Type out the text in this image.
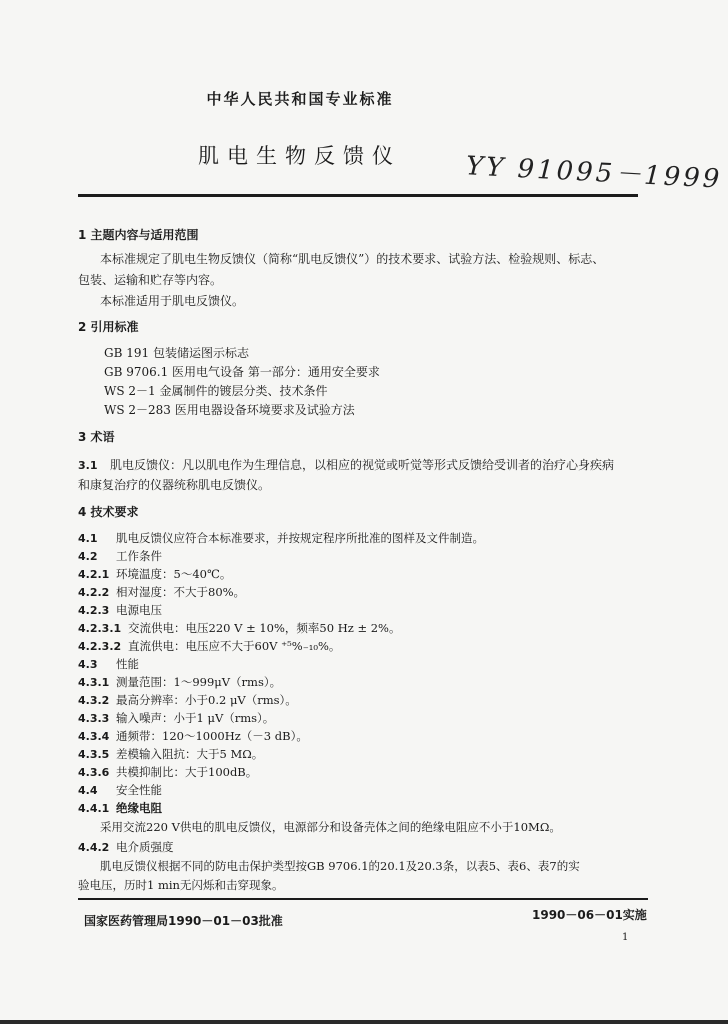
中华人民共和国专业标准
肌电生物反馈仪 YY 91095－1999
1 主题内容与适用范围
本标准规定了肌电生物反馈仪（简称“肌电反馈仪”）的技术要求、试验方法、检验规则、标志、
包装、运输和贮存等内容。
本标准适用于肌电反馈仪。
2 引用标准
GB 191 包装储运图示标志
GB 9706.1 医用电气设备 第一部分：通用安全要求
WS 2－1 金属制件的镀层分类、技术条件
WS 2－283 医用电器设备环境要求及试验方法
3 术语
3.1 肌电反馈仪：凡以肌电作为生理信息，以相应的视觉或听觉等形式反馈给受训者的治疗心身疾病
和康复治疗的仪器统称肌电反馈仪。
4 技术要求
4.1 肌电反馈仪应符合本标准要求，并按规定程序所批准的图样及文件制造。
4.2 工作条件
4.2.1 环境温度：5～40℃。
4.2.2 相对湿度：不大于80%。
4.2.3 电源电压
4.2.3.1 交流供电：电压220 V ± 10%，频率50 Hz ± 2%。
4.2.3.2 直流供电：电压应不大于60V ⁺⁵%₋₁₀%。
4.3 性能
4.3.1 测量范围：1～999μV（rms）。
4.3.2 最高分辨率：小于0.2 μV（rms）。
4.3.3 输入噪声：小于1 μV（rms）。
4.3.4 通频带：120～1000Hz（－3 dB）。
4.3.5 差模输入阻抗：大于5 MΩ。
4.3.6 共模抑制比：大于100dB。
4.4 安全性能
4.4.1 绝缘电阻
采用交流220 V供电的肌电反馈仪，电源部分和设备壳体之间的绝缘电阻应不小于10MΩ。
4.4.2 电介质强度
肌电反馈仪根据不同的防电击保护类型按GB 9706.1的20.1及20.3条，以表5、表6、表7的实
验电压，历时1 min无闪烁和击穿现象。
国家医药管理局1990－01－03批准	1990－06－01实施
1
